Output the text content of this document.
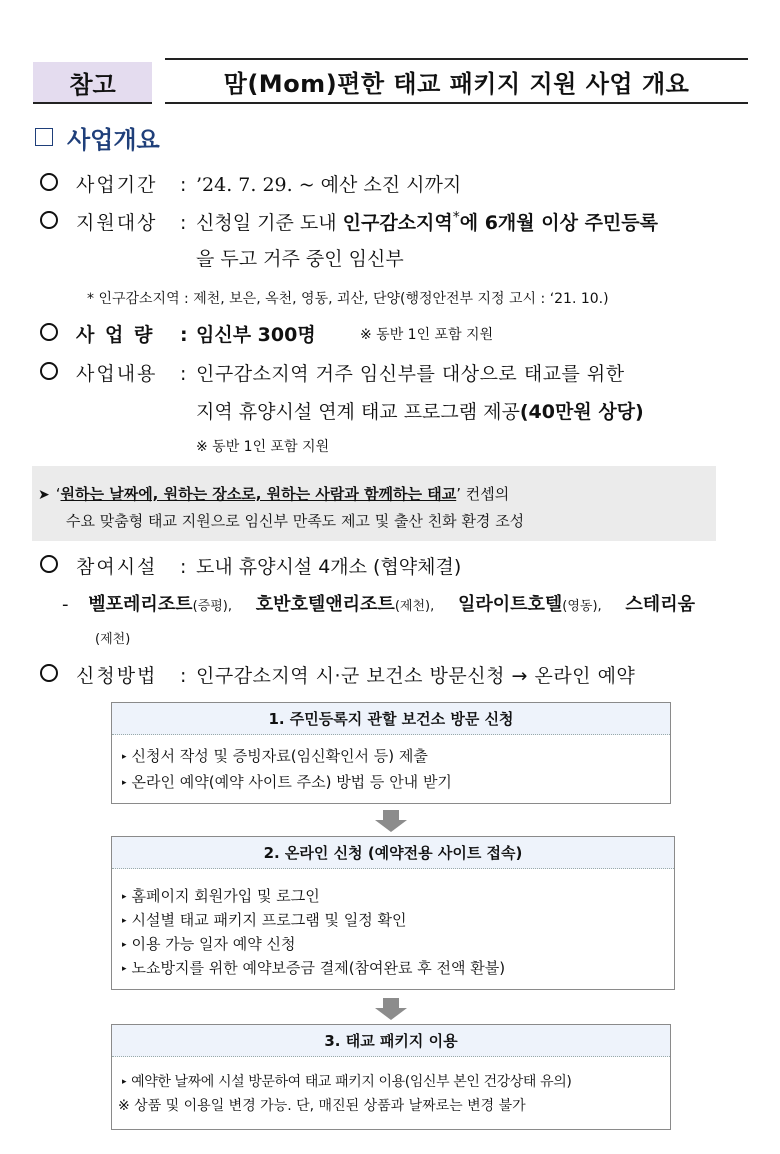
참고	맘(Mom)편한 태교 패키지 지원 사업 개요
사업개요
사업기간 : ’24. 7. 29. ~ 예산 소진 시까지
지원대상 : 신청일 기준 도내 인구감소지역*에 6개월 이상 주민등록
을 두고 거주 중인 임신부
* 인구감소지역 : 제천, 보은, 옥천, 영동, 괴산, 단양(행정안전부 지정 고시 : ‘21. 10.)
사 업 량 : 임신부 300명	※ 동반 1인 포함 지원
사업내용 : 인구감소지역 거주 임신부를 대상으로 태교를 위한
지역 휴양시설 연계 태교 프로그램 제공(40만원 상당)
※ 동반 1인 포함 지원
➤ ‘원하는 날짜에, 원하는 장소로, 원하는 사람과 함께하는 태교’ 컨셉의
수요 맞춤형 태교 지원으로 임신부 만족도 제고 및 출산 친화 환경 조성
참여시설 : 도내 휴양시설 4개소 (협약체결)
- 벨포레리조트(증평), 호반호텔앤리조트(제천), 일라이트호텔(영동), 스테리움
(제천)
신청방법 : 인구감소지역 시·군 보건소 방문신청 → 온라인 예약
1. 주민등록지 관할 보건소 방문 신청
▸ 신청서 작성 및 증빙자료(임신확인서 등) 제출
▸ 온라인 예약(예약 사이트 주소) 방법 등 안내 받기
2. 온라인 신청 (예약전용 사이트 접속)
▸ 홈페이지 회원가입 및 로그인
▸ 시설별 태교 패키지 프로그램 및 일정 확인
▸ 이용 가능 일자 예약 신청
▸ 노쇼방지를 위한 예약보증금 결제(참여완료 후 전액 환불)
3. 태교 패키지 이용
▸ 예약한 날짜에 시설 방문하여 태교 패키지 이용(임신부 본인 건강상태 유의)
※ 상품 및 이용일 변경 가능. 단, 매진된 상품과 날짜로는 변경 불가
